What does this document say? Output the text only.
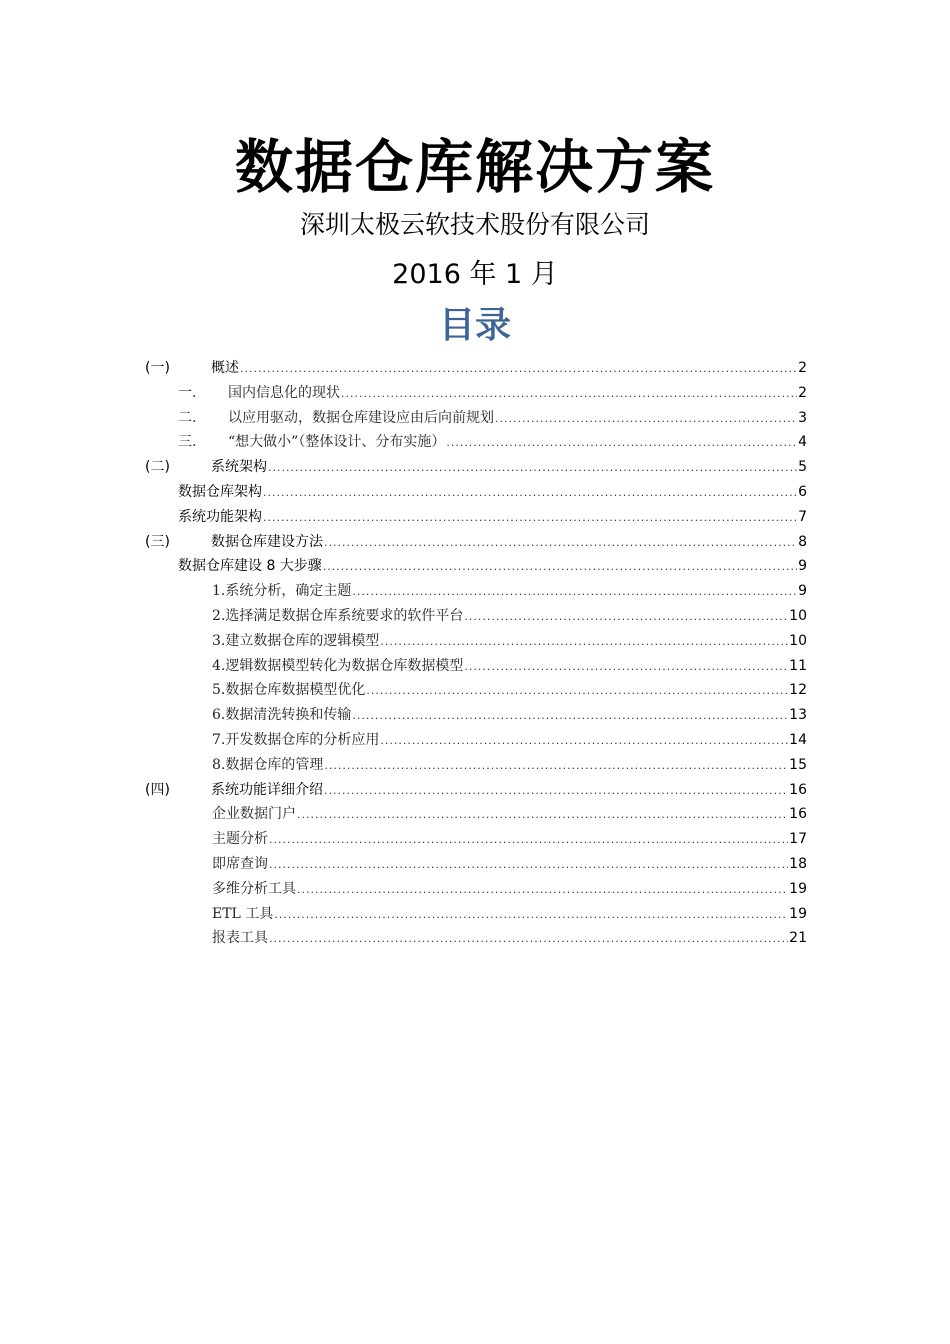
数据仓库解决方案
深圳太极云软技术股份有限公司
2016 年 1 月
目录
(一)	概述 .....	2
一.	国内信息化的现状 .....	2
二.	以应用驱动，数据仓库建设应由后向前规划 .....	3
三.	“想大做小”（整体设计、分布实施） .....	4
(二)	系统架构 .....	5
数据仓库架构 .....	6
系统功能架构 .....	7
(三)	数据仓库建设方法 .....	8
数据仓库建设 8 大步骤 .....	9
1.系统分析，确定主题 .....	9
2.选择满足数据仓库系统要求的软件平台 .....	10
3.建立数据仓库的逻辑模型 .....	10
4.逻辑数据模型转化为数据仓库数据模型 .....	11
5.数据仓库数据模型优化 .....	12
6.数据清洗转换和传输 .....	13
7.开发数据仓库的分析应用 .....	14
8.数据仓库的管理 .....	15
(四)	系统功能详细介绍 .....	16
企业数据门户 .....	16
主题分析 .....	17
即席查询 .....	18
多维分析工具 .....	19
ETL 工具 .....	19
报表工具 .....	21
